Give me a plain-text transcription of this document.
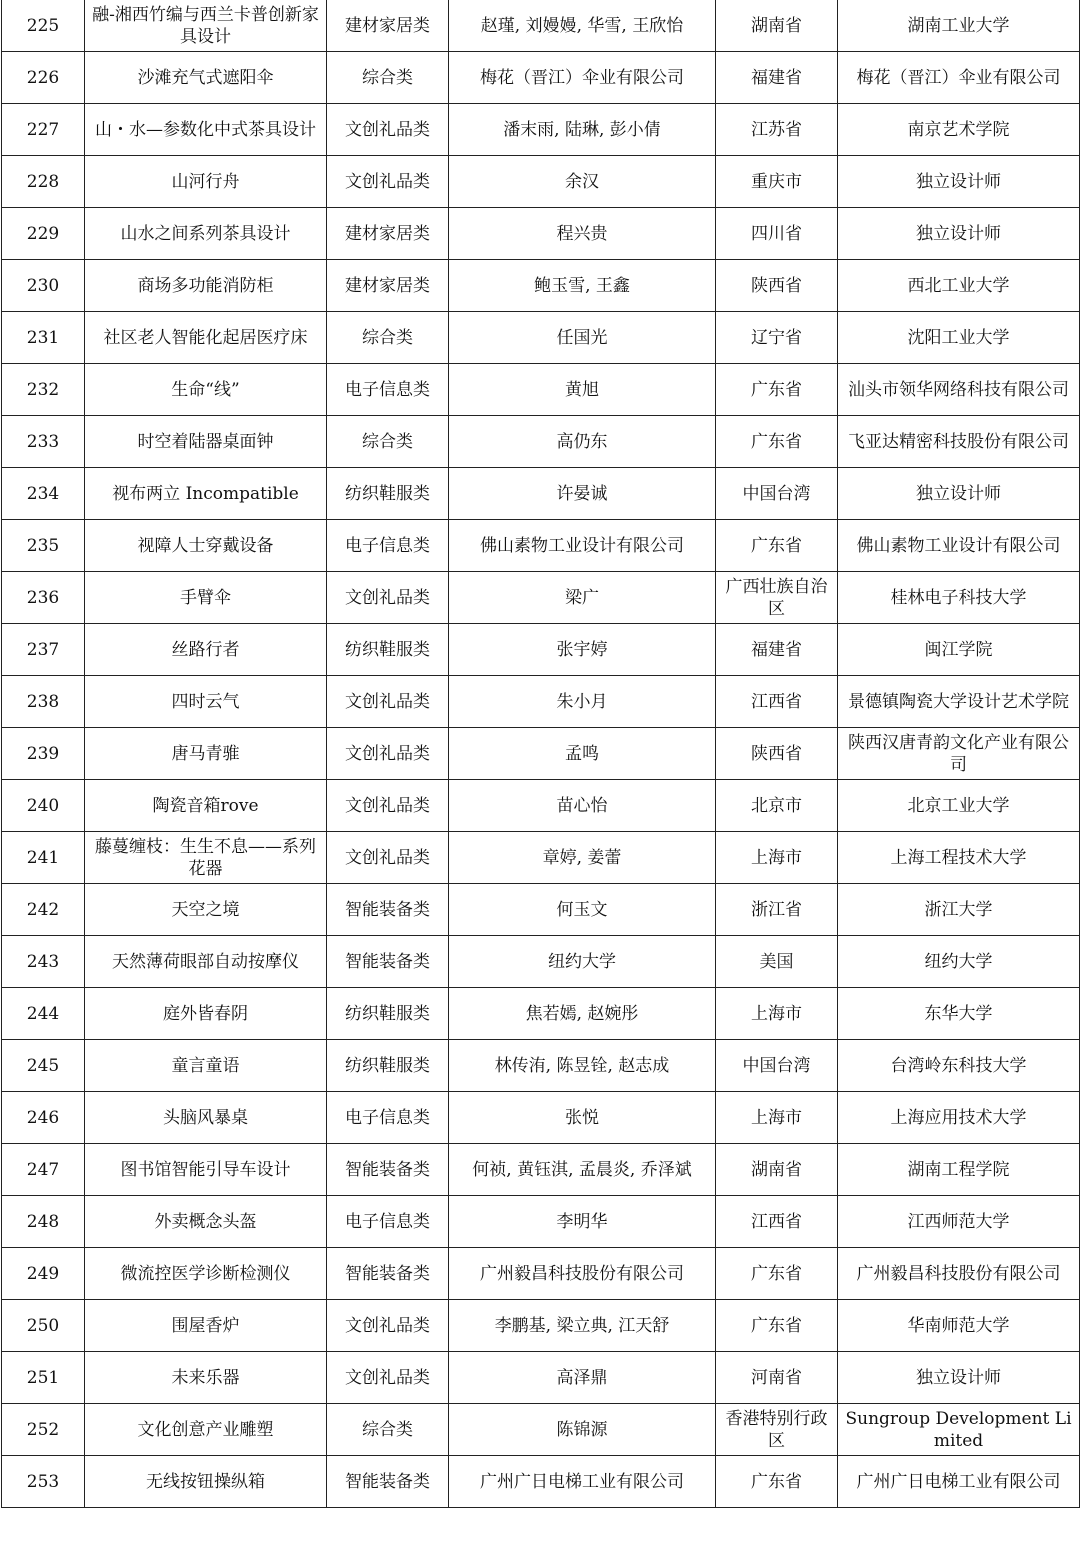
225	融-湘西竹编与西兰卡普创新家具设计	建材家居类	赵瑾, 刘嫚嫚, 华雪, 王欣怡	湖南省	湖南工业大学
226	沙滩充气式遮阳伞	综合类	梅花（晋江）伞业有限公司	福建省	梅花（晋江）伞业有限公司
227	山・水—参数化中式茶具设计	文创礼品类	潘末雨, 陆琳, 彭小倩	江苏省	南京艺术学院
228	山河行舟	文创礼品类	余汉	重庆市	独立设计师
229	山水之间系列茶具设计	建材家居类	程兴贵	四川省	独立设计师
230	商场多功能消防柜	建材家居类	鲍玉雪, 王鑫	陕西省	西北工业大学
231	社区老人智能化起居医疗床	综合类	任国光	辽宁省	沈阳工业大学
232	生命“线”	电子信息类	黄旭	广东省	汕头市领华网络科技有限公司
233	时空着陆器桌面钟	综合类	高仍东	广东省	飞亚达精密科技股份有限公司
234	视布两立 Incompatible	纺织鞋服类	许晏诚	中国台湾	独立设计师
235	视障人士穿戴设备	电子信息类	佛山素物工业设计有限公司	广东省	佛山素物工业设计有限公司
236	手臂伞	文创礼品类	梁广	广西壮族自治区	桂林电子科技大学
237	丝路行者	纺织鞋服类	张宇婷	福建省	闽江学院
238	四时云气	文创礼品类	朱小月	江西省	景德镇陶瓷大学设计艺术学院
239	唐马青骓	文创礼品类	孟鸣	陕西省	陕西汉唐青韵文化产业有限公司
240	陶瓷音箱rove	文创礼品类	苗心怡	北京市	北京工业大学
241	藤蔓缠枝：生生不息——系列花器	文创礼品类	章婷, 姜蕾	上海市	上海工程技术大学
242	天空之境	智能装备类	何玉文	浙江省	浙江大学
243	天然薄荷眼部自动按摩仪	智能装备类	纽约大学	美国	纽约大学
244	庭外皆春阴	纺织鞋服类	焦若嫣, 赵婉彤	上海市	东华大学
245	童言童语	纺织鞋服类	林传洧, 陈昱铨, 赵志成	中国台湾	台湾岭东科技大学
246	头脑风暴桌	电子信息类	张悦	上海市	上海应用技术大学
247	图书馆智能引导车设计	智能装备类	何祯, 黄钰淇, 孟晨炎, 乔泽斌	湖南省	湖南工程学院
248	外卖概念头盔	电子信息类	李明华	江西省	江西师范大学
249	微流控医学诊断检测仪	智能装备类	广州毅昌科技股份有限公司	广东省	广州毅昌科技股份有限公司
250	围屋香炉	文创礼品类	李鹏基, 梁立典, 江天舒	广东省	华南师范大学
251	未来乐器	文创礼品类	高泽鼎	河南省	独立设计师
252	文化创意产业雕塑	综合类	陈锦源	香港特别行政区	Sungroup Development Limited
253	无线按钮操纵箱	智能装备类	广州广日电梯工业有限公司	广东省	广州广日电梯工业有限公司
